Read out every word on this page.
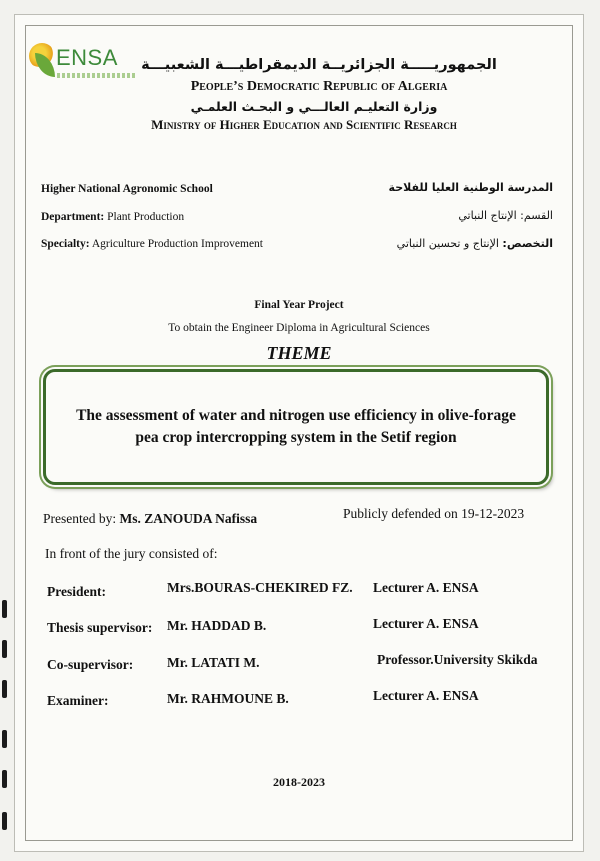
ENSA	الجمهوريـــــة الجزائريــة الديمقراطيـــة الشعبيـــة
People’s Democratic Republic of Algeria
وزارة التعليـم العالـــي و البحـث العلمـي
Ministry of Higher Education and Scientific Research
Higher National Agronomic School
Department: Plant Production
Specialty: Agriculture Production Improvement
المدرسة الوطنية العليا للفلاحة
القسم: الإنتاج النباتي
التخصص: الإنتاج و تحسين النباتي
Final Year Project
To obtain the Engineer Diploma in Agricultural Sciences
THEME
The assessment of water and nitrogen use efficiency in olive-forage pea crop intercropping system in the Setif region
Presented by: Ms. ZANOUDA Nafissa	Publicly defended on 19-12-2023
In front of the jury consisted of:
President:	Mrs.BOURAS-CHEKIRED FZ. Lecturer A. ENSA
Thesis supervisor: Mr. HADDAD B.	Lecturer A. ENSA
Co-supervisor:	Mr. LATATI M.	Professor.University Skikda
Examiner:	Mr. RAHMOUNE B.	Lecturer A. ENSA
2018-2023
